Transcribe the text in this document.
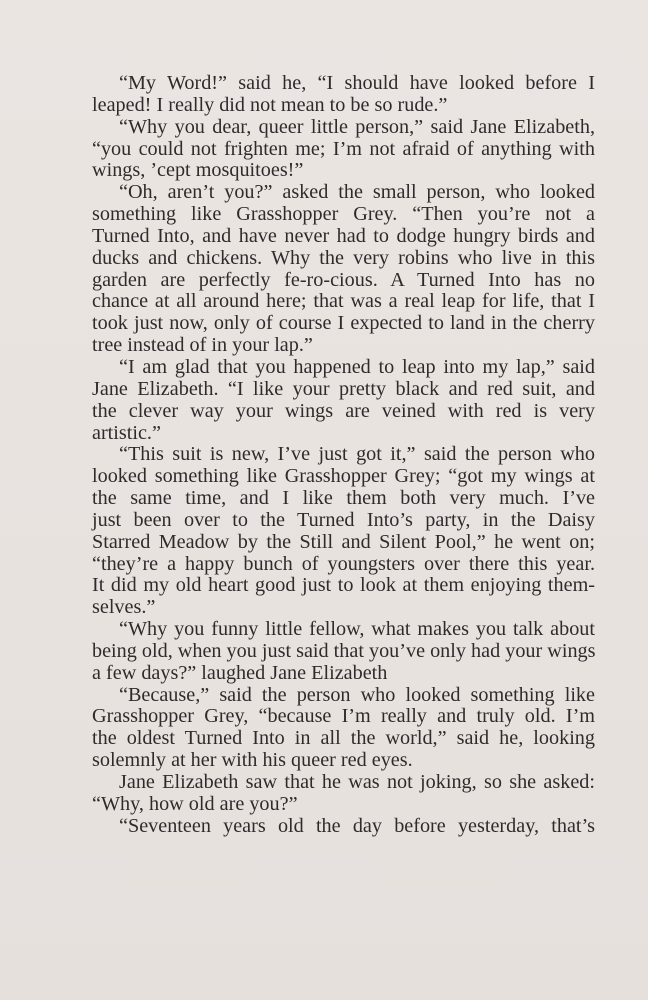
“My Word!” said he, “I should have looked before I
leaped! I really did not mean to be so rude.”
“Why you dear, queer little person,” said Jane Elizabeth,
“you could not frighten me; I’m not afraid of anything with
wings, ’cept mosquitoes!”
“Oh, aren’t you?” asked the small person, who looked
something like Grasshopper Grey. “Then you’re not a
Turned Into, and have never had to dodge hungry birds and
ducks and chickens. Why the very robins who live in this
garden are perfectly fe-ro-cious. A Turned Into has no
chance at all around here; that was a real leap for life, that I
took just now, only of course I expected to land in the cherry
tree instead of in your lap.”
“I am glad that you happened to leap into my lap,” said
Jane Elizabeth. “I like your pretty black and red suit, and
the clever way your wings are veined with red is very
artistic.”
“This suit is new, I’ve just got it,” said the person who
looked something like Grasshopper Grey; “got my wings at
the same time, and I like them both very much. I’ve
just been over to the Turned Into’s party, in the Daisy
Starred Meadow by the Still and Silent Pool,” he went on;
“they’re a happy bunch of youngsters over there this year.
It did my old heart good just to look at them enjoying them-
selves.”
“Why you funny little fellow, what makes you talk about
being old, when you just said that you’ve only had your wings
a few days?” laughed Jane Elizabeth
“Because,” said the person who looked something like
Grasshopper Grey, “because I’m really and truly old. I’m
the oldest Turned Into in all the world,” said he, looking
solemnly at her with his queer red eyes.
Jane Elizabeth saw that he was not joking, so she asked:
“Why, how old are you?”
“Seventeen years old the day before yesterday, that’s
